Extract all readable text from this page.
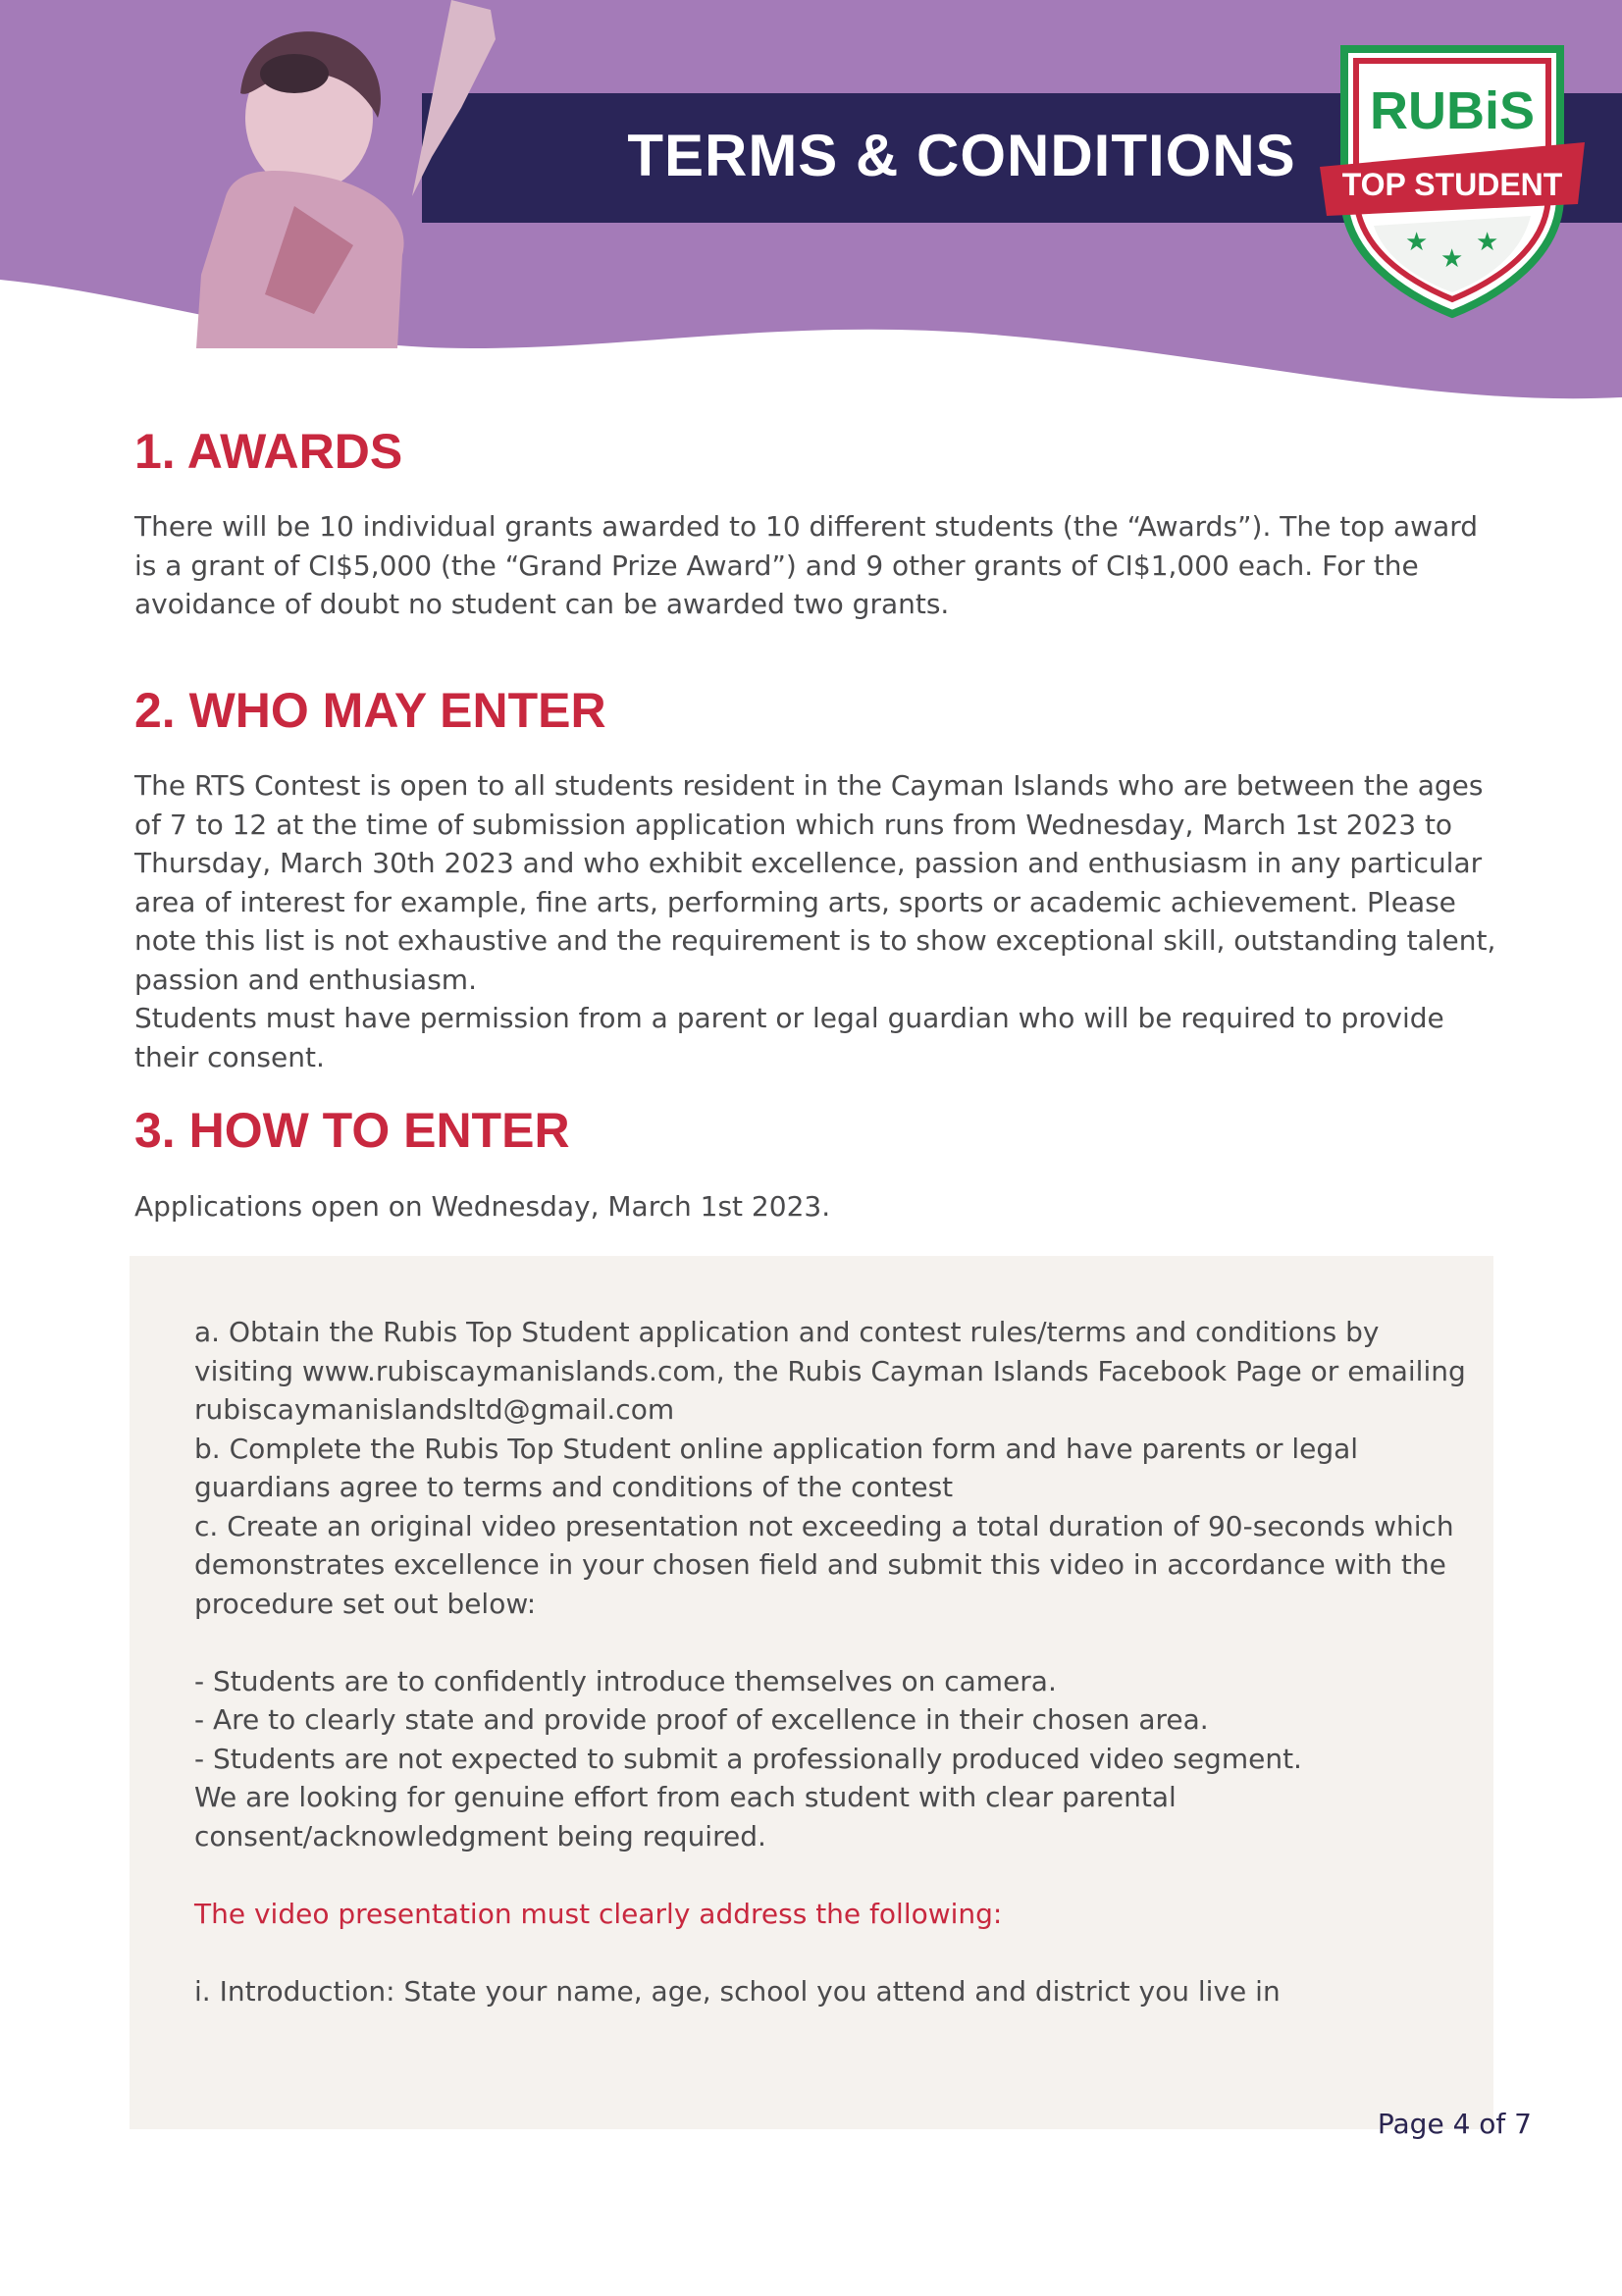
TERMS & CONDITIONS
★
★
★
RUBiS
TOP STUDENT
1. AWARDS

There will be 10 individual grants awarded to 10 different students (the “Awards”). The top award is a grant of CI$5,000 (the “Grand Prize Award”) and 9 other grants of CI$1,000 each. For the avoidance of doubt no student can be awarded two grants.

2. WHO MAY ENTER

The RTS Contest is open to all students resident in the Cayman Islands who are between the ages of 7 to 12 at the time of submission application which runs from Wednesday, March 1st 2023 to Thursday, March 30th 2023 and who exhibit excellence, passion and enthusiasm in any particular area of interest for example, fine arts, performing arts, sports or academic achievement. Please note this list is not exhaustive and the requirement is to show exceptional skill, outstanding talent, passion and enthusiasm.

Students must have permission from a parent or legal guardian who will be required to provide their consent.

3. HOW TO ENTER

Applications open on Wednesday, March 1st 2023.

a. Obtain the Rubis Top Student application and contest rules/terms and conditions by visiting www.rubiscaymanislands.com, the Rubis Cayman Islands Facebook Page or emailing rubiscaymanislandsltd@gmail.com

b. Complete the Rubis Top Student online application form and have parents or legal guardians agree to terms and conditions of the contest

c. Create an original video presentation not exceeding a total duration of 90-seconds which demonstrates excellence in your chosen field and submit this video in accordance with the procedure set out below:

- Students are to confidently introduce themselves on camera.

- Are to clearly state and provide proof of excellence in their chosen area.

- Students are not expected to submit a professionally produced video segment.

We are looking for genuine effort from each student with clear parental consent/acknowledgment being required.

The video presentation must clearly address the following:

i. Introduction: State your name, age, school you attend and district you live in

Page 4 of 7
